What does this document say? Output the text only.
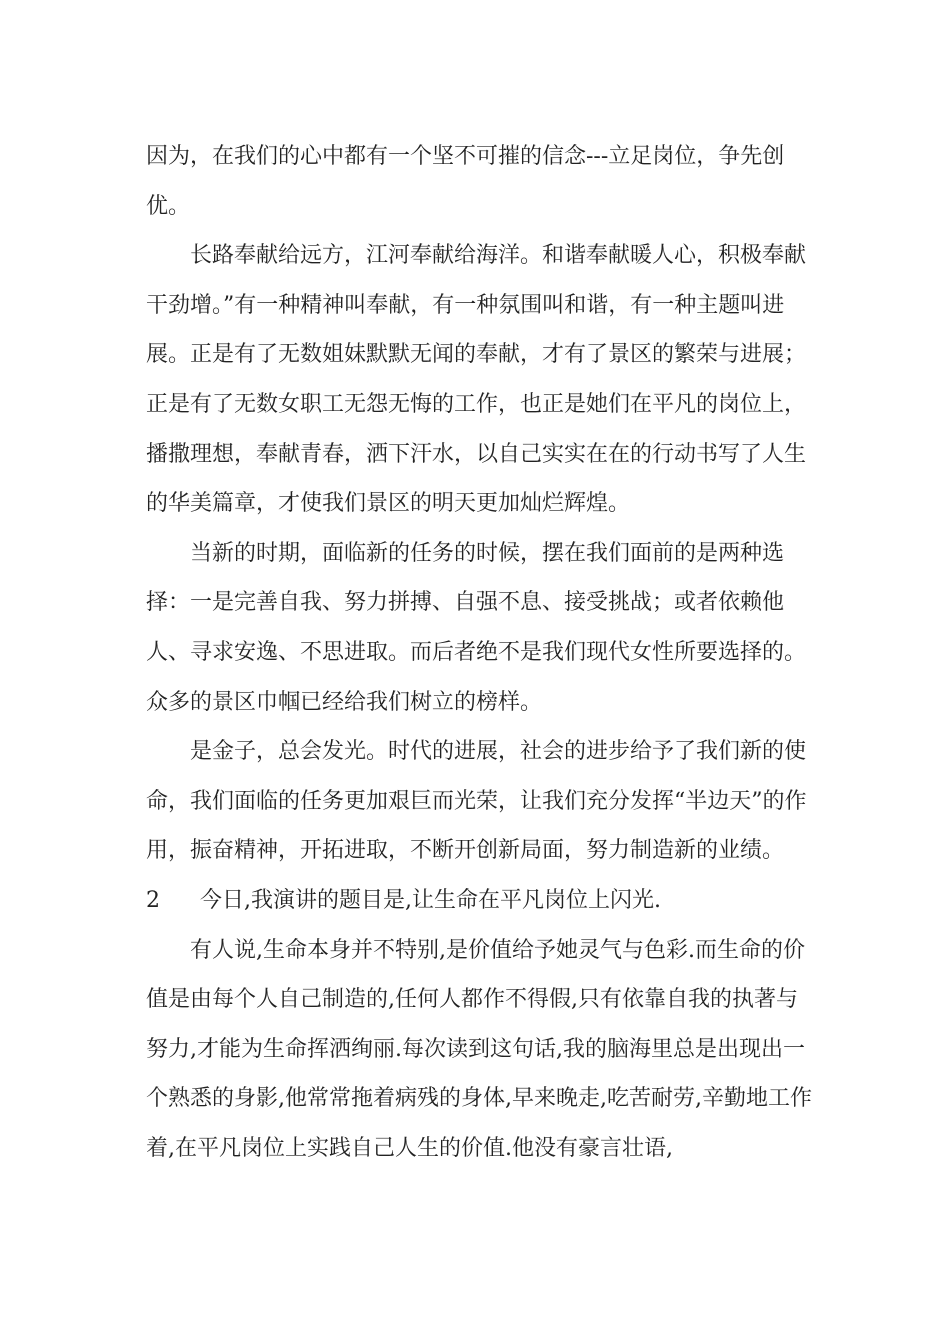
因为，在我们的心中都有一个坚不可摧的信念---立足岗位，争先创优。

长路奉献给远方，江河奉献给海洋。和谐奉献暖人心，积极奉献干劲增。”有一种精神叫奉献，有一种氛围叫和谐，有一种主题叫进展。正是有了无数姐妹默默无闻的奉献，才有了景区的繁荣与进展；正是有了无数女职工无怨无悔的工作，也正是她们在平凡的岗位上，播撒理想，奉献青春，洒下汗水，以自己实实在在的行动书写了人生的华美篇章，才使我们景区的明天更加灿烂辉煌。

当新的时期，面临新的任务的时候，摆在我们面前的是两种选择：一是完善自我、努力拼搏、自强不息、接受挑战；或者依赖他人、寻求安逸、不思进取。而后者绝不是我们现代女性所要选择的。众多的景区巾帼已经给我们树立的榜样。

是金子，总会发光。时代的进展，社会的进步给予了我们新的使命，我们面临的任务更加艰巨而光荣，让我们充分发挥“半边天”的作用，振奋精神，开拓进取，不断开创新局面，努力制造新的业绩。

2	今日,我演讲的题目是,让生命在平凡岗位上闪光.

有人说,生命本身并不特别,是价值给予她灵气与色彩.而生命的价值是由每个人自己制造的,任何人都作不得假,只有依靠自我的执著与努力,才能为生命挥洒绚丽.每次读到这句话,我的脑海里总是出现出一个熟悉的身影,他常常拖着病残的身体,早来晚走,吃苦耐劳,辛勤地工作着,在平凡岗位上实践自己人生的价值.他没有豪言壮语,
